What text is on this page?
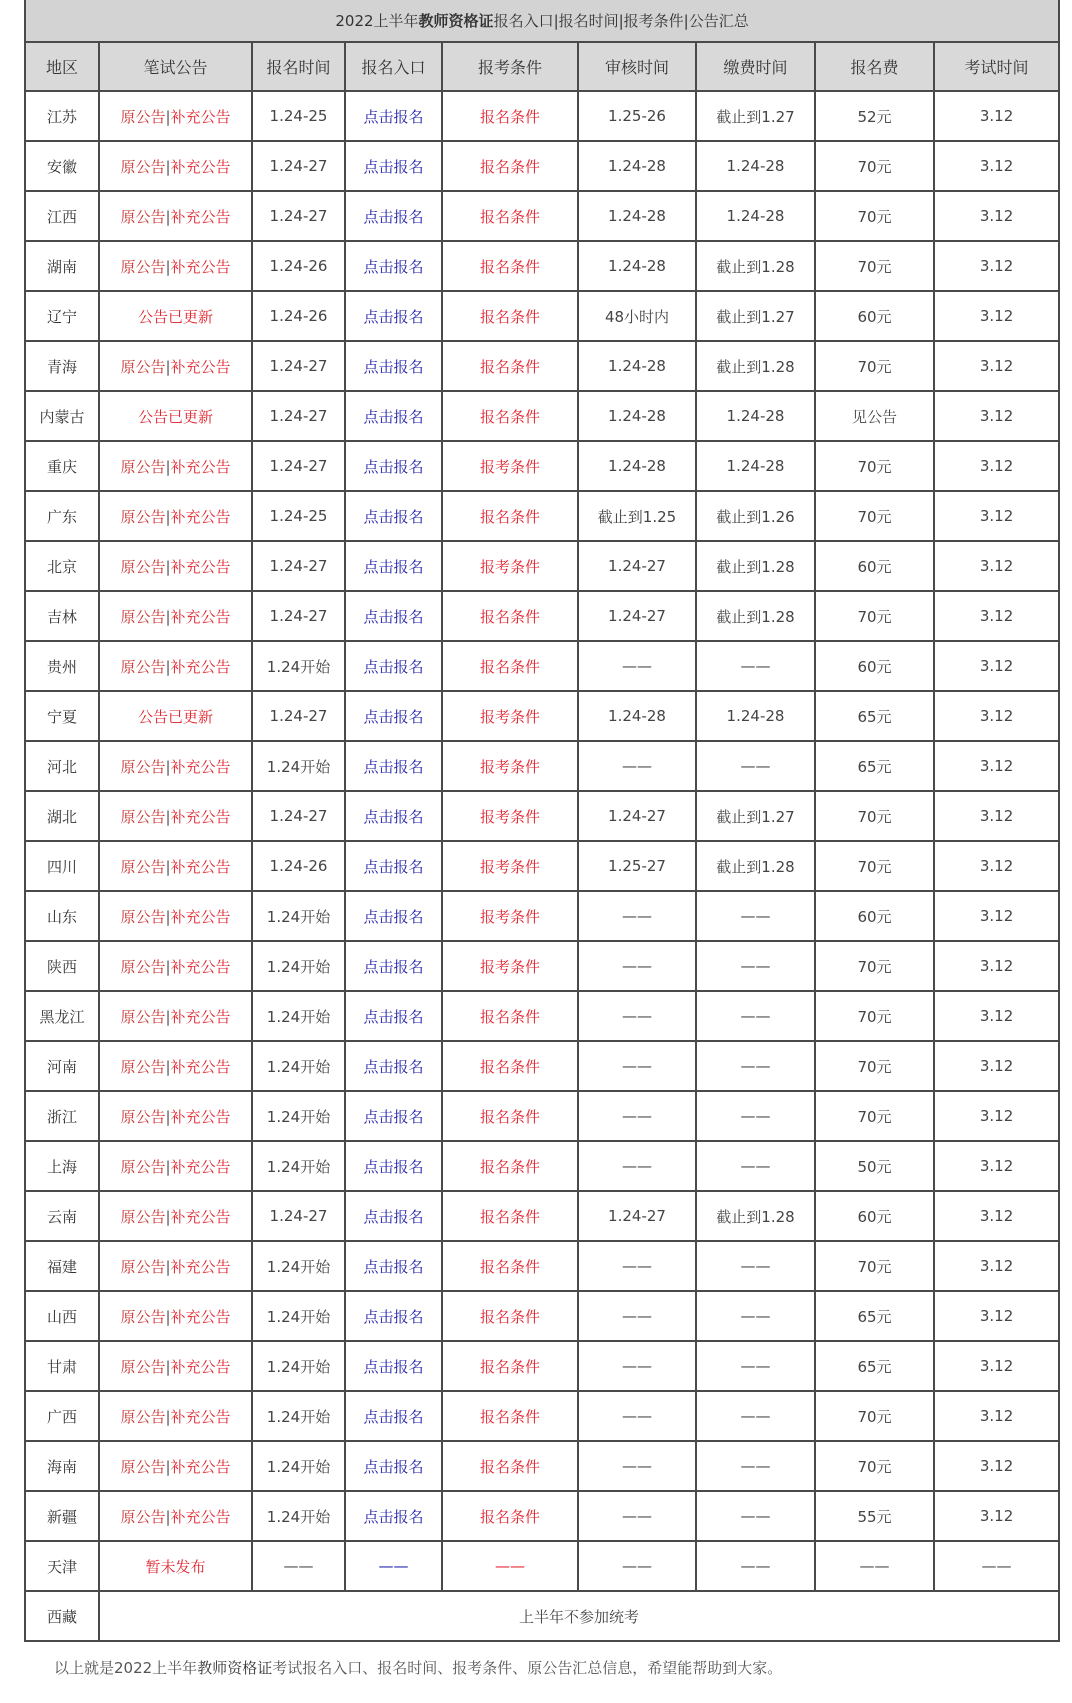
2022上半年教师资格证报名入口|报名时间|报考条件|公告汇总								
地区	笔试公告	报名时间	报名入口	报考条件	审核时间	缴费时间	报名费	考试时间
江苏	原公告|补充公告	1.24-25	点击报名	报名条件	1.25-26	截止到1.27	52元	3.12
安徽	原公告|补充公告	1.24-27	点击报名	报名条件	1.24-28	1.24-28	70元	3.12
江西	原公告|补充公告	1.24-27	点击报名	报名条件	1.24-28	1.24-28	70元	3.12
湖南	原公告|补充公告	1.24-26	点击报名	报名条件	1.24-28	截止到1.28	70元	3.12
辽宁	公告已更新	1.24-26	点击报名	报名条件	48小时内	截止到1.27	60元	3.12
青海	原公告|补充公告	1.24-27	点击报名	报名条件	1.24-28	截止到1.28	70元	3.12
内蒙古	公告已更新	1.24-27	点击报名	报名条件	1.24-28	1.24-28	见公告	3.12
重庆	原公告|补充公告	1.24-27	点击报名	报考条件	1.24-28	1.24-28	70元	3.12
广东	原公告|补充公告	1.24-25	点击报名	报名条件	截止到1.25	截止到1.26	70元	3.12
北京	原公告|补充公告	1.24-27	点击报名	报考条件	1.24-27	截止到1.28	60元	3.12
吉林	原公告|补充公告	1.24-27	点击报名	报名条件	1.24-27	截止到1.28	70元	3.12
贵州	原公告|补充公告	1.24开始	点击报名	报名条件	——	——	60元	3.12
宁夏	公告已更新	1.24-27	点击报名	报考条件	1.24-28	1.24-28	65元	3.12
河北	原公告|补充公告	1.24开始	点击报名	报考条件	——	——	65元	3.12
湖北	原公告|补充公告	1.24-27	点击报名	报考条件	1.24-27	截止到1.27	70元	3.12
四川	原公告|补充公告	1.24-26	点击报名	报考条件	1.25-27	截止到1.28	70元	3.12
山东	原公告|补充公告	1.24开始	点击报名	报考条件	——	——	60元	3.12
陕西	原公告|补充公告	1.24开始	点击报名	报考条件	——	——	70元	3.12
黑龙江	原公告|补充公告	1.24开始	点击报名	报名条件	——	——	70元	3.12
河南	原公告|补充公告	1.24开始	点击报名	报名条件	——	——	70元	3.12
浙江	原公告|补充公告	1.24开始	点击报名	报名条件	——	——	70元	3.12
上海	原公告|补充公告	1.24开始	点击报名	报名条件	——	——	50元	3.12
云南	原公告|补充公告	1.24-27	点击报名	报名条件	1.24-27	截止到1.28	60元	3.12
福建	原公告|补充公告	1.24开始	点击报名	报名条件	——	——	70元	3.12
山西	原公告|补充公告	1.24开始	点击报名	报名条件	——	——	65元	3.12
甘肃	原公告|补充公告	1.24开始	点击报名	报名条件	——	——	65元	3.12
广西	原公告|补充公告	1.24开始	点击报名	报名条件	——	——	70元	3.12
海南	原公告|补充公告	1.24开始	点击报名	报名条件	——	——	70元	3.12
新疆	原公告|补充公告	1.24开始	点击报名	报名条件	——	——	55元	3.12
天津	暂未发布	——	——	——	——	——	——	——
西藏	上半年不参加统考							
以上就是2022上半年教师资格证考试报名入口、报名时间、报考条件、原公告汇总信息，希望能帮助到大家。
